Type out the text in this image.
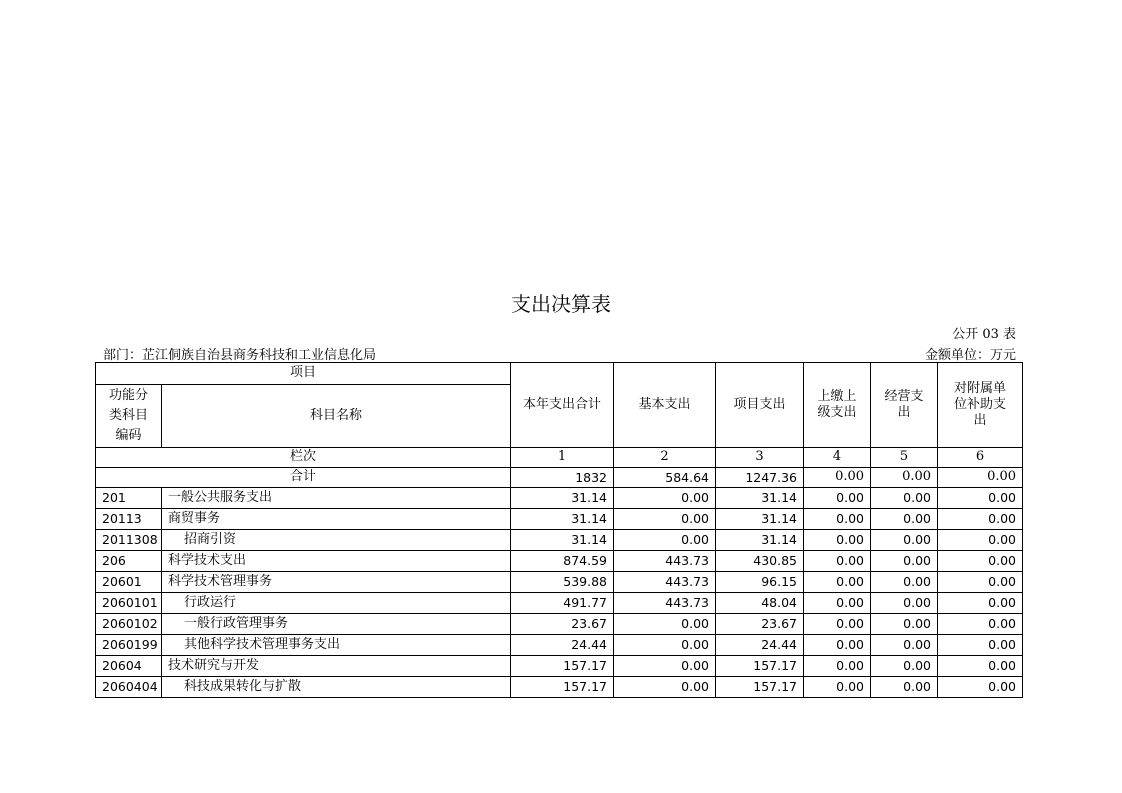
支出决算表
公开 03 表
部门：芷江侗族自治县商务科技和工业信息化局	金额单位：万元
项目		本年支出合计	基本支出	项目支出	上缴上级支出	经营支出	对附属单位补助支出
功能分类科目编码	科目名称						
栏次		1	2	3	4	5	6
合计		1832	584.64	1247.36	0.00	0.00	0.00
201	一般公共服务支出	31.14	0.00	31.14	0.00	0.00	0.00
20113	商贸事务	31.14	0.00	31.14	0.00	0.00	0.00
2011308	招商引资	31.14	0.00	31.14	0.00	0.00	0.00
206	科学技术支出	874.59	443.73	430.85	0.00	0.00	0.00
20601	科学技术管理事务	539.88	443.73	96.15	0.00	0.00	0.00
2060101	行政运行	491.77	443.73	48.04	0.00	0.00	0.00
2060102	一般行政管理事务	23.67	0.00	23.67	0.00	0.00	0.00
2060199	其他科学技术管理事务支出	24.44	0.00	24.44	0.00	0.00	0.00
20604	技术研究与开发	157.17	0.00	157.17	0.00	0.00	0.00
2060404	科技成果转化与扩散	157.17	0.00	157.17	0.00	0.00	0.00
